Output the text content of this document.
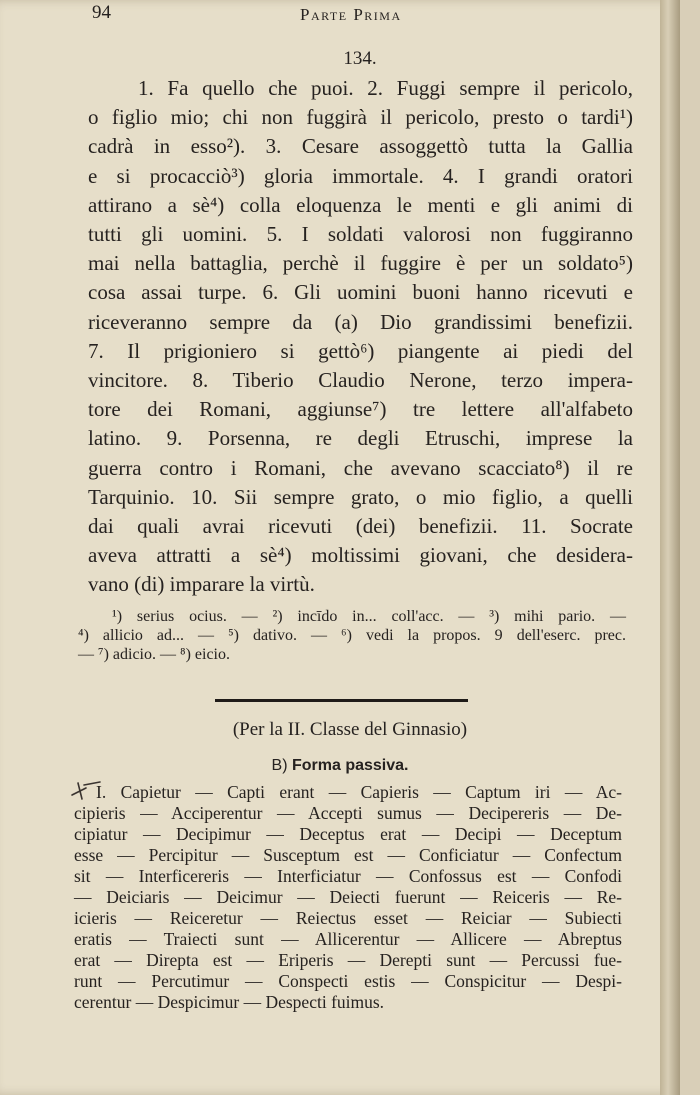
94	Parte Prima
134.
1. Fa quello che puoi. 2. Fuggi sempre il pericolo,
o figlio mio; chi non fuggirà il pericolo, presto o tardi¹)
cadrà in esso²). 3. Cesare assoggettò tutta la Gallia
e si procacciò³) gloria immortale. 4. I grandi oratori
attirano a sè⁴) colla eloquenza le menti e gli animi di
tutti gli uomini. 5. I soldati valorosi non fuggiranno
mai nella battaglia, perchè il fuggire è per un soldato⁵)
cosa assai turpe. 6. Gli uomini buoni hanno ricevuti e
riceveranno sempre da (a) Dio grandissimi benefizii.
7. Il prigioniero si gettò⁶) piangente ai piedi del
vincitore. 8. Tiberio Claudio Nerone, terzo impera-
tore dei Romani, aggiunse⁷) tre lettere all'alfabeto
latino. 9. Porsenna, re degli Etruschi, imprese la
guerra contro i Romani, che avevano scacciato⁸) il re
Tarquinio. 10. Sii sempre grato, o mio figlio, a quelli
dai quali avrai ricevuti (dei) benefizii. 11. Socrate
aveva attratti a sè⁴) moltissimi giovani, che desidera-
vano (di) imparare la virtù.
¹) serius ocius. — ²) incīdo in... coll'acc. — ³) mihi pario. —
⁴) allicio ad... — ⁵) dativo. — ⁶) vedi la propos. 9 dell'eserc. prec.
— ⁷) adicio. — ⁸) eicio.
(Per la II. Classe del Ginnasio)
B) Forma passiva.
I. Capietur — Capti erant — Capieris — Captum iri — Ac-
cipieris — Acciperentur — Accepti sumus — Decipereris — De-
cipiatur — Decipimur — Deceptus erat — Decipi — Deceptum
esse — Percipitur — Susceptum est — Conficiatur — Confectum
sit — Interficereris — Interficiatur — Confossus est — Confodi
— Deiciaris — Deicimur — Deiecti fuerunt — Reiceris — Re-
icieris — Reiceretur — Reiectus esset — Reiciar — Subiecti
eratis — Traiecti sunt — Allicerentur — Allicere — Abreptus
erat — Direpta est — Eriperis — Derepti sunt — Percussi fue-
runt — Percutimur — Conspecti estis — Conspicitur — Despi-
cerentur — Despicimur — Despecti fuimus.
